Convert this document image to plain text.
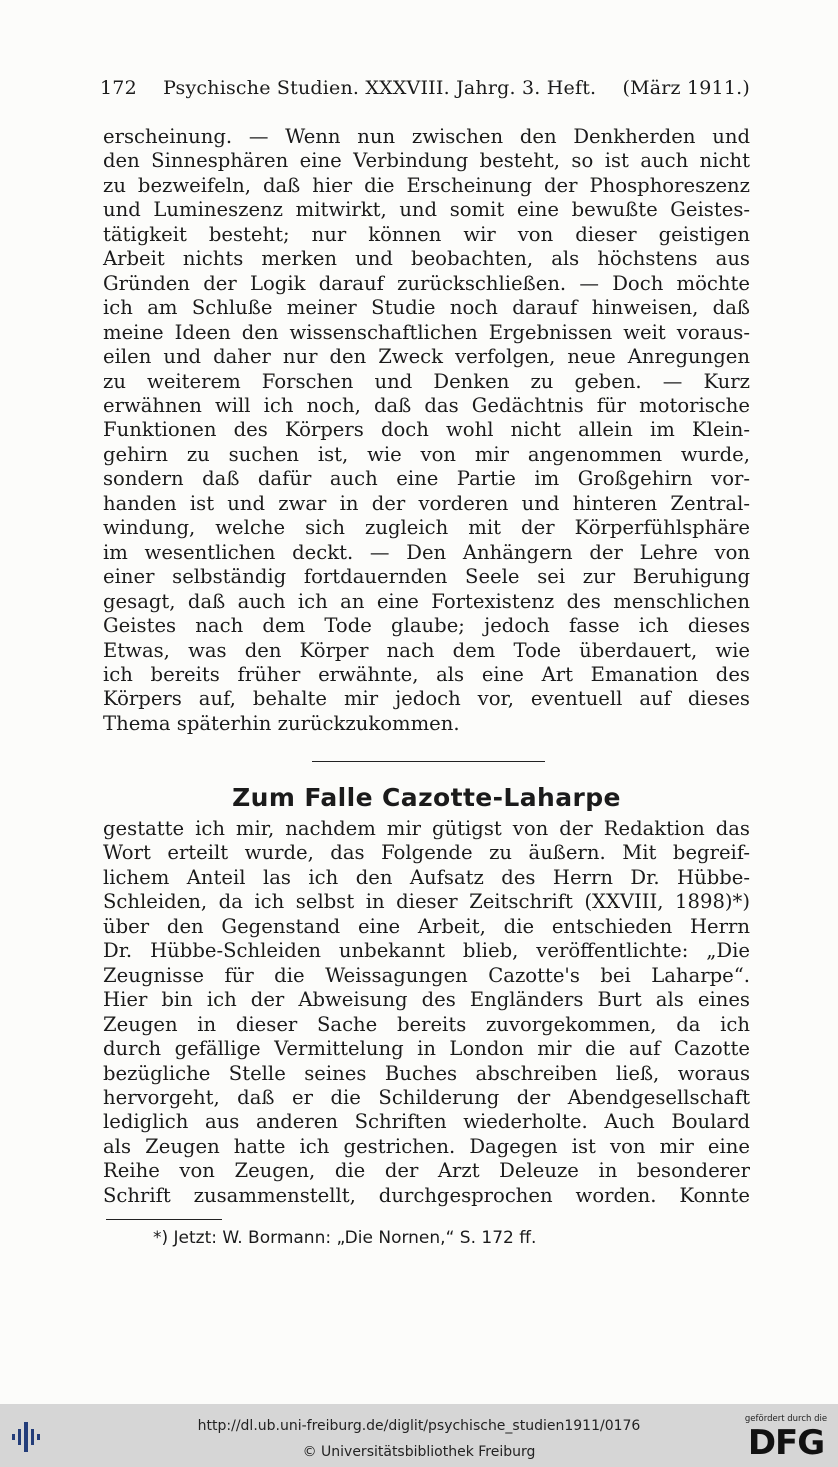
172 Psychische Studien. XXXVIII. Jahrg. 3. Heft. (März 1911.)

erscheinung. — Wenn nun zwischen den Denkherden und

den Sinnesphären eine Verbindung besteht, so ist auch nicht

zu bezweifeln, daß hier die Erscheinung der Phosphoreszenz

und Lumineszenz mitwirkt, und somit eine bewußte Geistes-

tätigkeit besteht; nur können wir von dieser geistigen

Arbeit nichts merken und beobachten, als höchstens aus

Gründen der Logik darauf zurückschließen. — Doch möchte

ich am Schluße meiner Studie noch darauf hinweisen, daß

meine Ideen den wissenschaftlichen Ergebnissen weit voraus-

eilen und daher nur den Zweck verfolgen, neue Anregungen

zu weiterem Forschen und Denken zu geben. — Kurz

erwähnen will ich noch, daß das Gedächtnis für motorische

Funktionen des Körpers doch wohl nicht allein im Klein-

gehirn zu suchen ist, wie von mir angenommen wurde,

sondern daß dafür auch eine Partie im Großgehirn vor-

handen ist und zwar in der vorderen und hinteren Zentral-

windung, welche sich zugleich mit der Körperfühlsphäre

im wesentlichen deckt. — Den Anhängern der Lehre von

einer selbständig fortdauernden Seele sei zur Beruhigung

gesagt, daß auch ich an eine Fortexistenz des menschlichen

Geistes nach dem Tode glaube; jedoch fasse ich dieses

Etwas, was den Körper nach dem Tode überdauert, wie

ich bereits früher erwähnte, als eine Art Emanation des

Körpers auf, behalte mir jedoch vor, eventuell auf dieses

Thema späterhin zurückzukommen.

Zum Falle Cazotte-Laharpe

gestatte ich mir, nachdem mir gütigst von der Redaktion das

Wort erteilt wurde, das Folgende zu äußern. Mit begreif-

lichem Anteil las ich den Aufsatz des Herrn Dr. Hübbe-

Schleiden, da ich selbst in dieser Zeitschrift (XXVIII, 1898)*)

über den Gegenstand eine Arbeit, die entschieden Herrn

Dr. Hübbe-Schleiden unbekannt blieb, veröffentlichte: „Die

Zeugnisse für die Weissagungen Cazotte's bei Laharpe“.

Hier bin ich der Abweisung des Engländers Burt als eines

Zeugen in dieser Sache bereits zuvorgekommen, da ich

durch gefällige Vermittelung in London mir die auf Cazotte

bezügliche Stelle seines Buches abschreiben ließ, woraus

hervorgeht, daß er die Schilderung der Abendgesellschaft

lediglich aus anderen Schriften wiederholte. Auch Boulard

als Zeugen hatte ich gestrichen. Dagegen ist von mir eine

Reihe von Zeugen, die der Arzt Deleuze in besonderer

Schrift zusammenstellt, durchgesprochen worden. Konnte

*) Jetzt: W. Bormann: „Die Nornen,“ S. 172 ff.
http://dl.ub.uni-freiburg.de/diglit/psychische_studien1911/0176
© Universitätsbibliothek Freiburg
gefördert durch die
DFG
